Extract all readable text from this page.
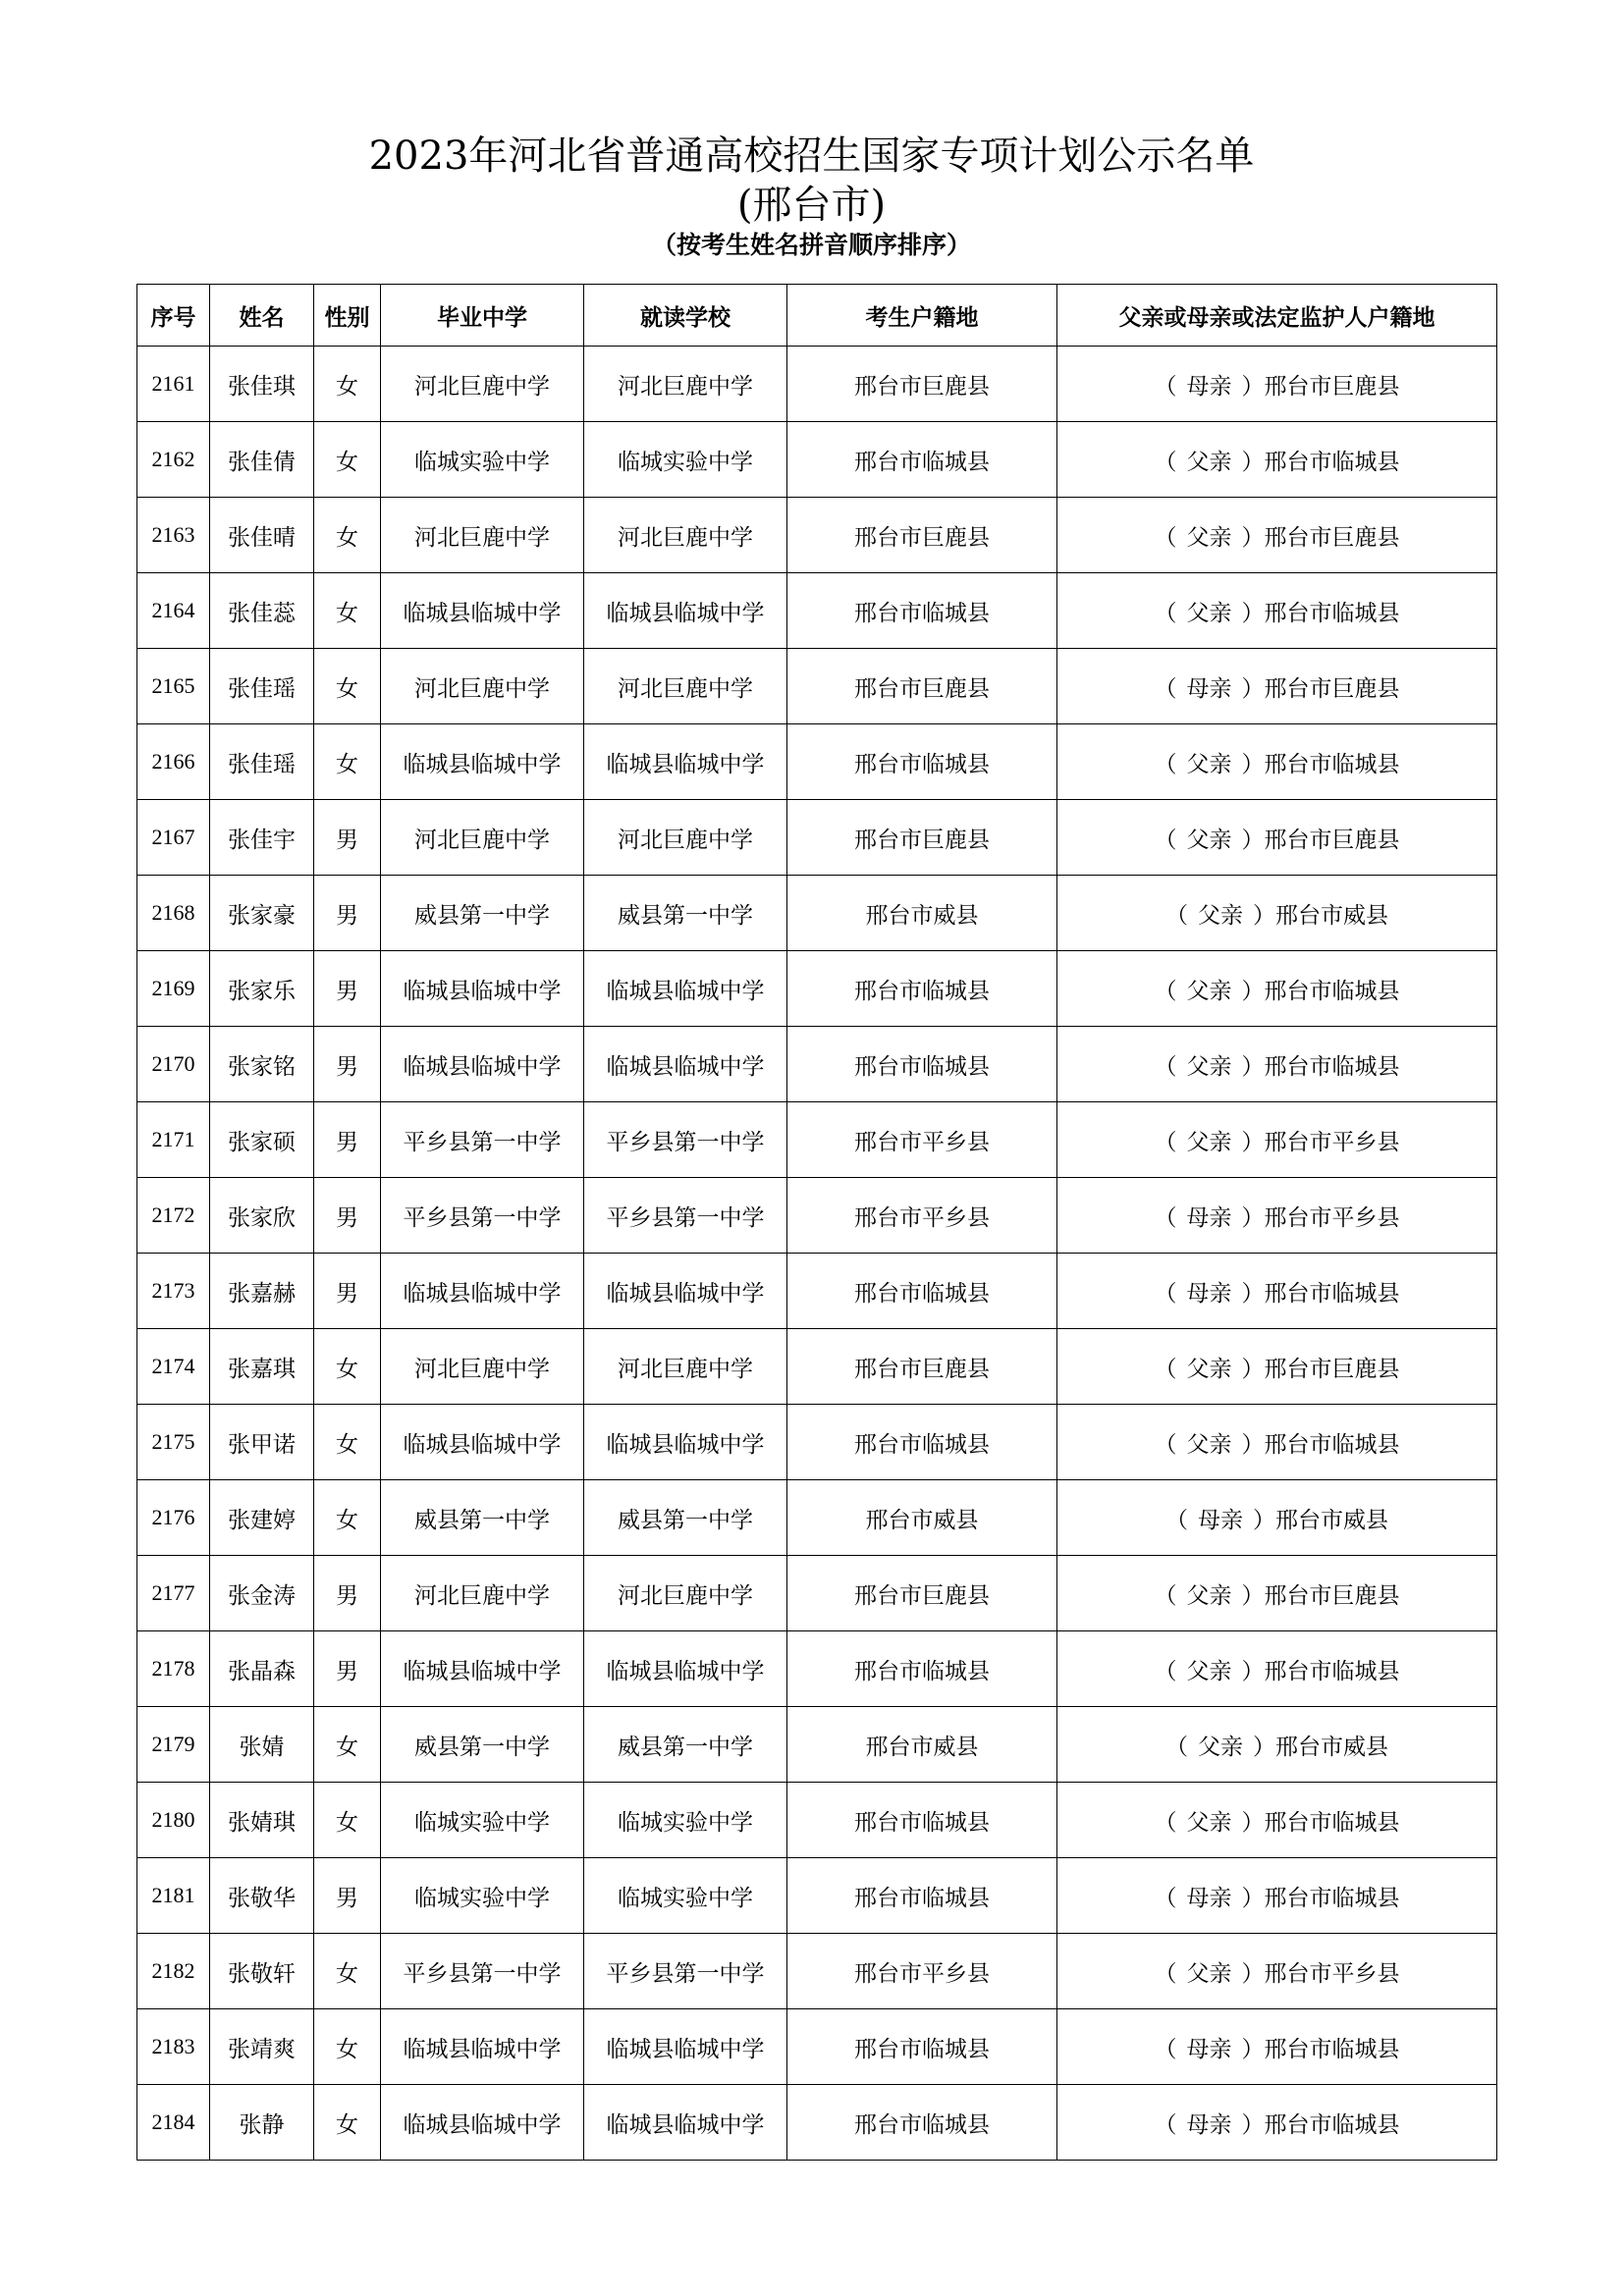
2023年河北省普通高校招生国家专项计划公示名单
(邢台市)
（按考生姓名拼音顺序排序）
序号	姓名	性别	毕业中学	就读学校	考生户籍地	父亲或母亲或法定监护人户籍地
2161	张佳琪	女	河北巨鹿中学	河北巨鹿中学	邢台市巨鹿县	（ 母亲 ）邢台市巨鹿县
2162	张佳倩	女	临城实验中学	临城实验中学	邢台市临城县	（ 父亲 ）邢台市临城县
2163	张佳晴	女	河北巨鹿中学	河北巨鹿中学	邢台市巨鹿县	（ 父亲 ）邢台市巨鹿县
2164	张佳蕊	女	临城县临城中学	临城县临城中学	邢台市临城县	（ 父亲 ）邢台市临城县
2165	张佳瑶	女	河北巨鹿中学	河北巨鹿中学	邢台市巨鹿县	（ 母亲 ）邢台市巨鹿县
2166	张佳瑶	女	临城县临城中学	临城县临城中学	邢台市临城县	（ 父亲 ）邢台市临城县
2167	张佳宇	男	河北巨鹿中学	河北巨鹿中学	邢台市巨鹿县	（ 父亲 ）邢台市巨鹿县
2168	张家豪	男	威县第一中学	威县第一中学	邢台市威县	（ 父亲 ）邢台市威县
2169	张家乐	男	临城县临城中学	临城县临城中学	邢台市临城县	（ 父亲 ）邢台市临城县
2170	张家铭	男	临城县临城中学	临城县临城中学	邢台市临城县	（ 父亲 ）邢台市临城县
2171	张家硕	男	平乡县第一中学	平乡县第一中学	邢台市平乡县	（ 父亲 ）邢台市平乡县
2172	张家欣	男	平乡县第一中学	平乡县第一中学	邢台市平乡县	（ 母亲 ）邢台市平乡县
2173	张嘉赫	男	临城县临城中学	临城县临城中学	邢台市临城县	（ 母亲 ）邢台市临城县
2174	张嘉琪	女	河北巨鹿中学	河北巨鹿中学	邢台市巨鹿县	（ 父亲 ）邢台市巨鹿县
2175	张甲诺	女	临城县临城中学	临城县临城中学	邢台市临城县	（ 父亲 ）邢台市临城县
2176	张建婷	女	威县第一中学	威县第一中学	邢台市威县	（ 母亲 ）邢台市威县
2177	张金涛	男	河北巨鹿中学	河北巨鹿中学	邢台市巨鹿县	（ 父亲 ）邢台市巨鹿县
2178	张晶森	男	临城县临城中学	临城县临城中学	邢台市临城县	（ 父亲 ）邢台市临城县
2179	张婧	女	威县第一中学	威县第一中学	邢台市威县	（ 父亲 ）邢台市威县
2180	张婧琪	女	临城实验中学	临城实验中学	邢台市临城县	（ 父亲 ）邢台市临城县
2181	张敬华	男	临城实验中学	临城实验中学	邢台市临城县	（ 母亲 ）邢台市临城县
2182	张敬轩	女	平乡县第一中学	平乡县第一中学	邢台市平乡县	（ 父亲 ）邢台市平乡县
2183	张靖爽	女	临城县临城中学	临城县临城中学	邢台市临城县	（ 母亲 ）邢台市临城县
2184	张静	女	临城县临城中学	临城县临城中学	邢台市临城县	（ 母亲 ）邢台市临城县
